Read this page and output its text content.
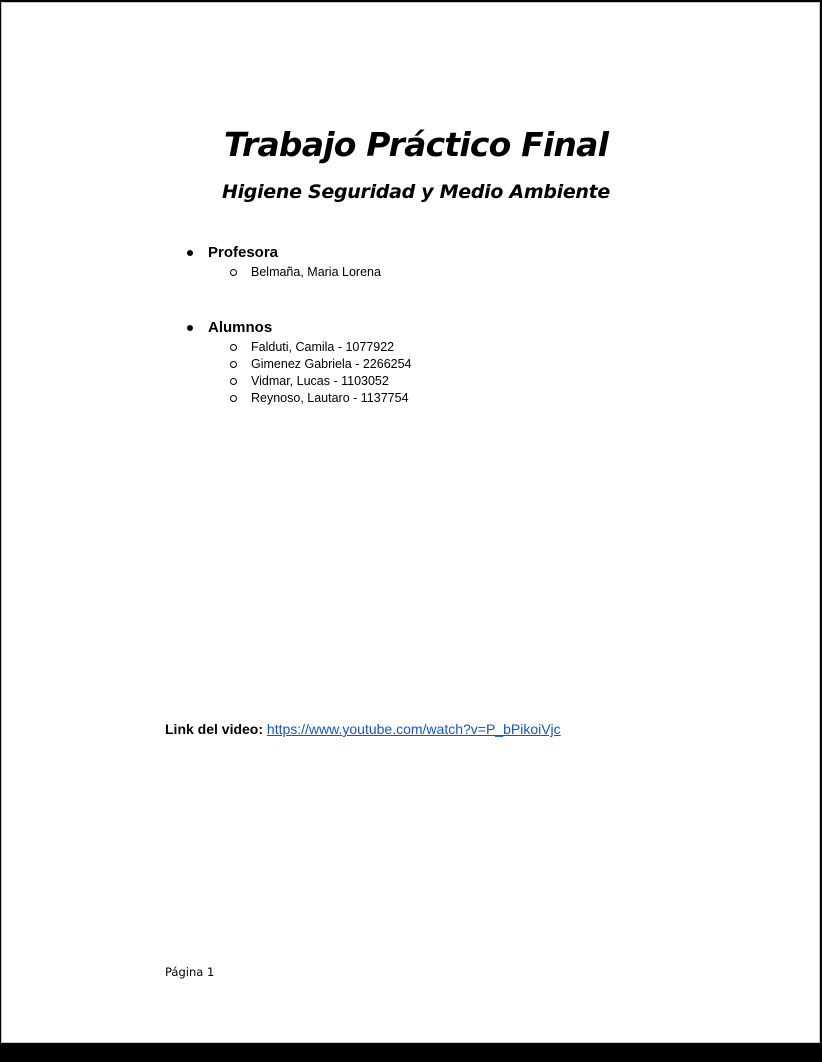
Trabajo Práctico Final
Higiene Seguridad y Medio Ambiente
Profesora
Belmaña, Maria Lorena
Alumnos
Falduti, Camila - 1077922
Gimenez Gabriela - 2266254
Vidmar, Lucas - 1103052
Reynoso, Lautaro - 1137754
Link del video: https://www.youtube.com/watch?v=P_bPikoiVjc
Página 1
